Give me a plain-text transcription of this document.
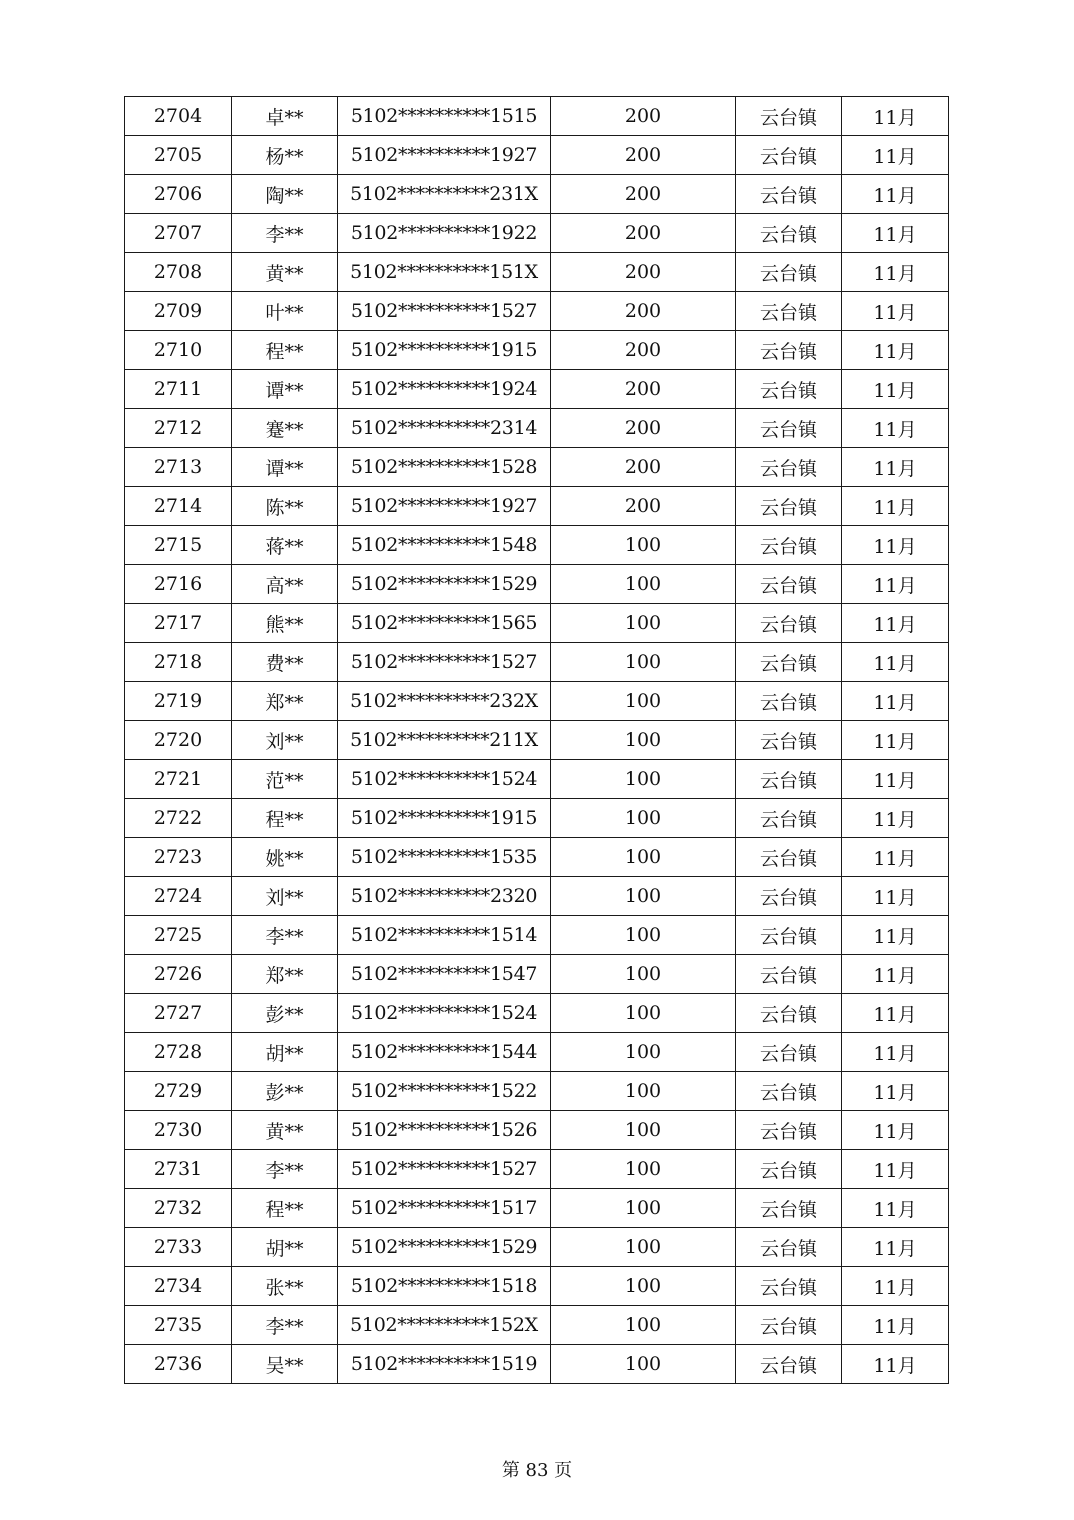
2704	卓**	5102**********1515	200	云台镇	11月
2705	杨**	5102**********1927	200	云台镇	11月
2706	陶**	5102**********231X	200	云台镇	11月
2707	李**	5102**********1922	200	云台镇	11月
2708	黄**	5102**********151X	200	云台镇	11月
2709	叶**	5102**********1527	200	云台镇	11月
2710	程**	5102**********1915	200	云台镇	11月
2711	谭**	5102**********1924	200	云台镇	11月
2712	蹇**	5102**********2314	200	云台镇	11月
2713	谭**	5102**********1528	200	云台镇	11月
2714	陈**	5102**********1927	200	云台镇	11月
2715	蒋**	5102**********1548	100	云台镇	11月
2716	高**	5102**********1529	100	云台镇	11月
2717	熊**	5102**********1565	100	云台镇	11月
2718	费**	5102**********1527	100	云台镇	11月
2719	郑**	5102**********232X	100	云台镇	11月
2720	刘**	5102**********211X	100	云台镇	11月
2721	范**	5102**********1524	100	云台镇	11月
2722	程**	5102**********1915	100	云台镇	11月
2723	姚**	5102**********1535	100	云台镇	11月
2724	刘**	5102**********2320	100	云台镇	11月
2725	李**	5102**********1514	100	云台镇	11月
2726	郑**	5102**********1547	100	云台镇	11月
2727	彭**	5102**********1524	100	云台镇	11月
2728	胡**	5102**********1544	100	云台镇	11月
2729	彭**	5102**********1522	100	云台镇	11月
2730	黄**	5102**********1526	100	云台镇	11月
2731	李**	5102**********1527	100	云台镇	11月
2732	程**	5102**********1517	100	云台镇	11月
2733	胡**	5102**********1529	100	云台镇	11月
2734	张**	5102**********1518	100	云台镇	11月
2735	李**	5102**********152X	100	云台镇	11月
2736	吴**	5102**********1519	100	云台镇	11月
第 83 页
